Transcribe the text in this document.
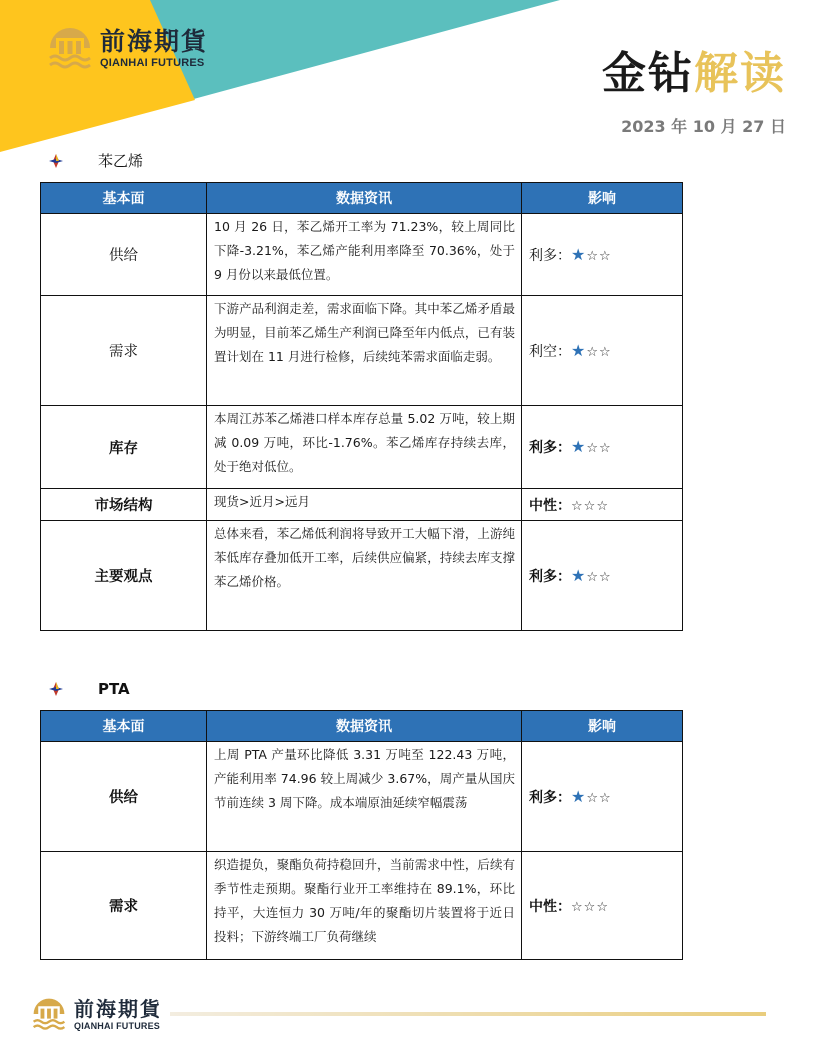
前海期貨
QIANHAI FUTURES	金钻解读
2023 年 10 月 27 日
苯乙烯
基本面	数据资讯	影响
供给	10 月 26 日，苯乙烯开工率为 71.23%，较上周同比下降-3.21%，苯乙烯产能利用率降至 70.36%，处于 9 月份以来最低位置。	利多：★☆☆
需求	下游产品利润走差，需求面临下降。其中苯乙烯矛盾最为明显，目前苯乙烯生产利润已降至年内低点，已有装置计划在 11 月进行检修，后续纯苯需求面临走弱。	利空：★☆☆
库存	本周江苏苯乙烯港口样本库存总量 5.02 万吨，较上期减 0.09 万吨，环比-1.76%。苯乙烯库存持续去库，处于绝对低位。	利多：★☆☆
市场结构	现货>近月>远月	中性：☆☆☆
主要观点	总体来看，苯乙烯低利润将导致开工大幅下滑，上游纯苯低库存叠加低开工率，后续供应偏紧，持续去库支撑苯乙烯价格。	利多：★☆☆
PTA
基本面	数据资讯	影响
供给	上周 PTA 产量环比降低 3.31 万吨至 122.43 万吨，产能利用率 74.96 较上周减少 3.67%，周产量从国庆节前连续 3 周下降。成本端原油延续窄幅震荡	利多：★☆☆
需求	织造提负，聚酯负荷持稳回升，当前需求中性，后续有季节性走预期。聚酯行业开工率维持在 89.1%，环比持平，大连恒力 30 万吨/年的聚酯切片装置将于近日投料；下游终端工厂负荷继续	中性：☆☆☆
前海期貨
QIANHAI FUTURES
